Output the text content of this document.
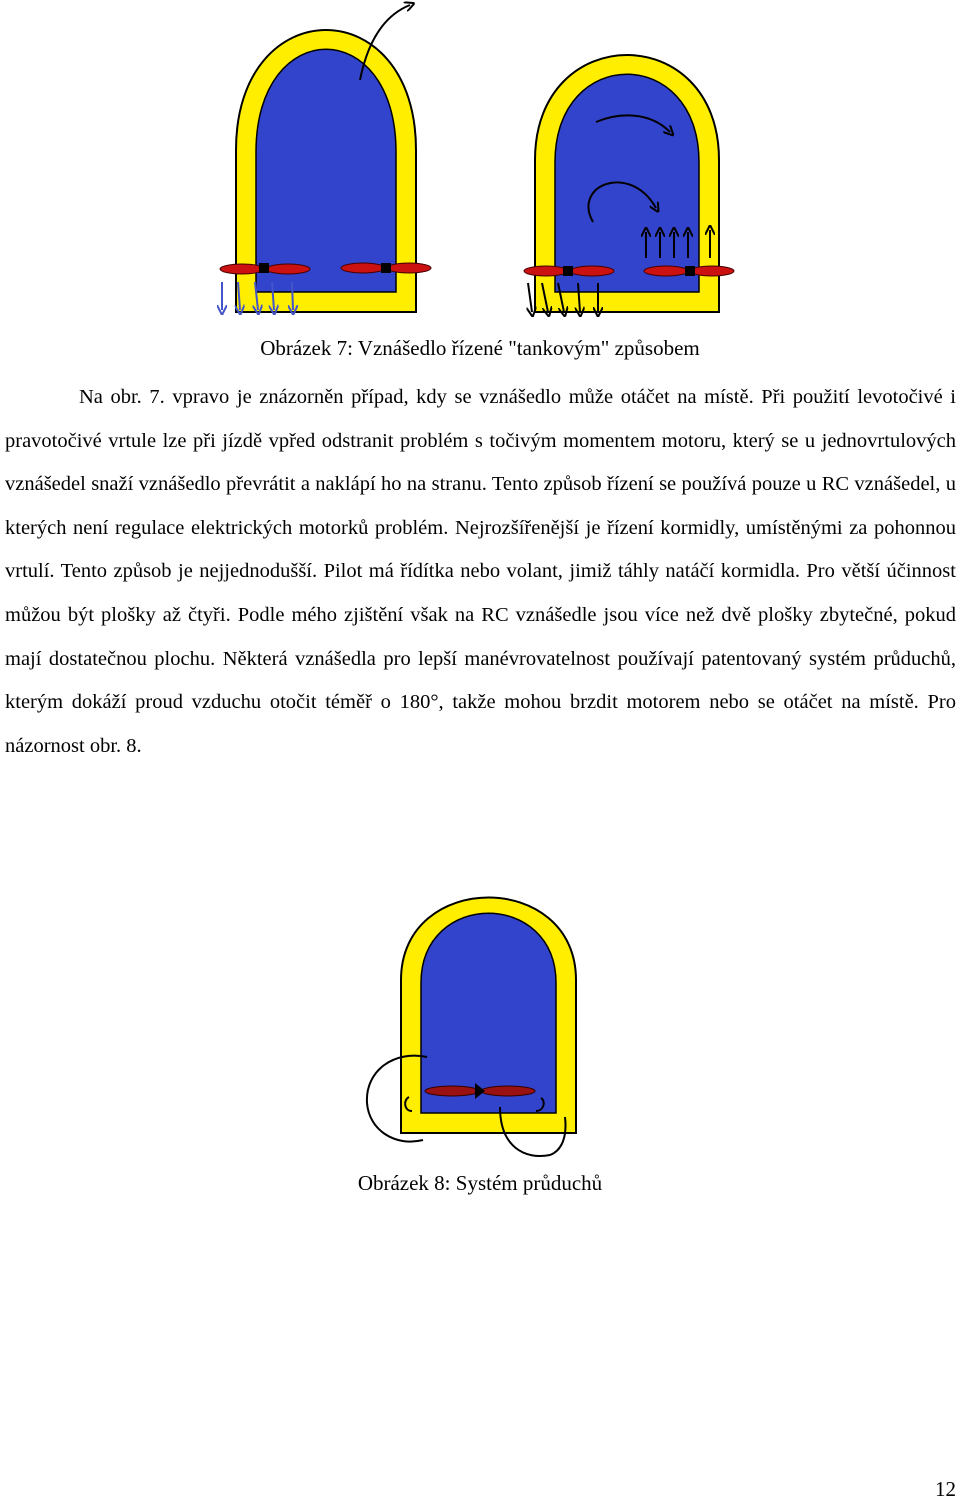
Obrázek 7: Vznášedlo řízené "tankovým" způsobem

Na obr. 7. vpravo je znázorněn případ, kdy se vznášedlo může otáčet na místě. Při použití levotočivé i pravotočivé vrtule lze při jízdě vpřed odstranit problém s točivým momentem motoru, který se u jednovrtulových vznášedel snaží vznášedlo převrátit a naklápí ho na stranu. Tento způsob řízení se používá pouze u RC vznášedel, u kterých není regulace elektrických motorků problém. Nejrozšířenější je řízení kormidly, umístěnými za pohonnou vrtulí. Tento způsob je nejjednodušší. Pilot má řídítka nebo volant, jimiž táhly natáčí kormidla. Pro větší účinnost můžou být plošky až čtyři. Podle mého zjištění však na RC vznášedle jsou více než dvě plošky zbytečné, pokud mají dostatečnou plochu. Některá vznášedla pro lepší manévrovatelnost používají patentovaný systém průduchů, kterým dokáží proud vzduchu otočit téměř o 180°, takže mohou brzdit motorem nebo se otáčet na místě. Pro názornost obr. 8.

Obrázek 8: Systém průduchů
12
